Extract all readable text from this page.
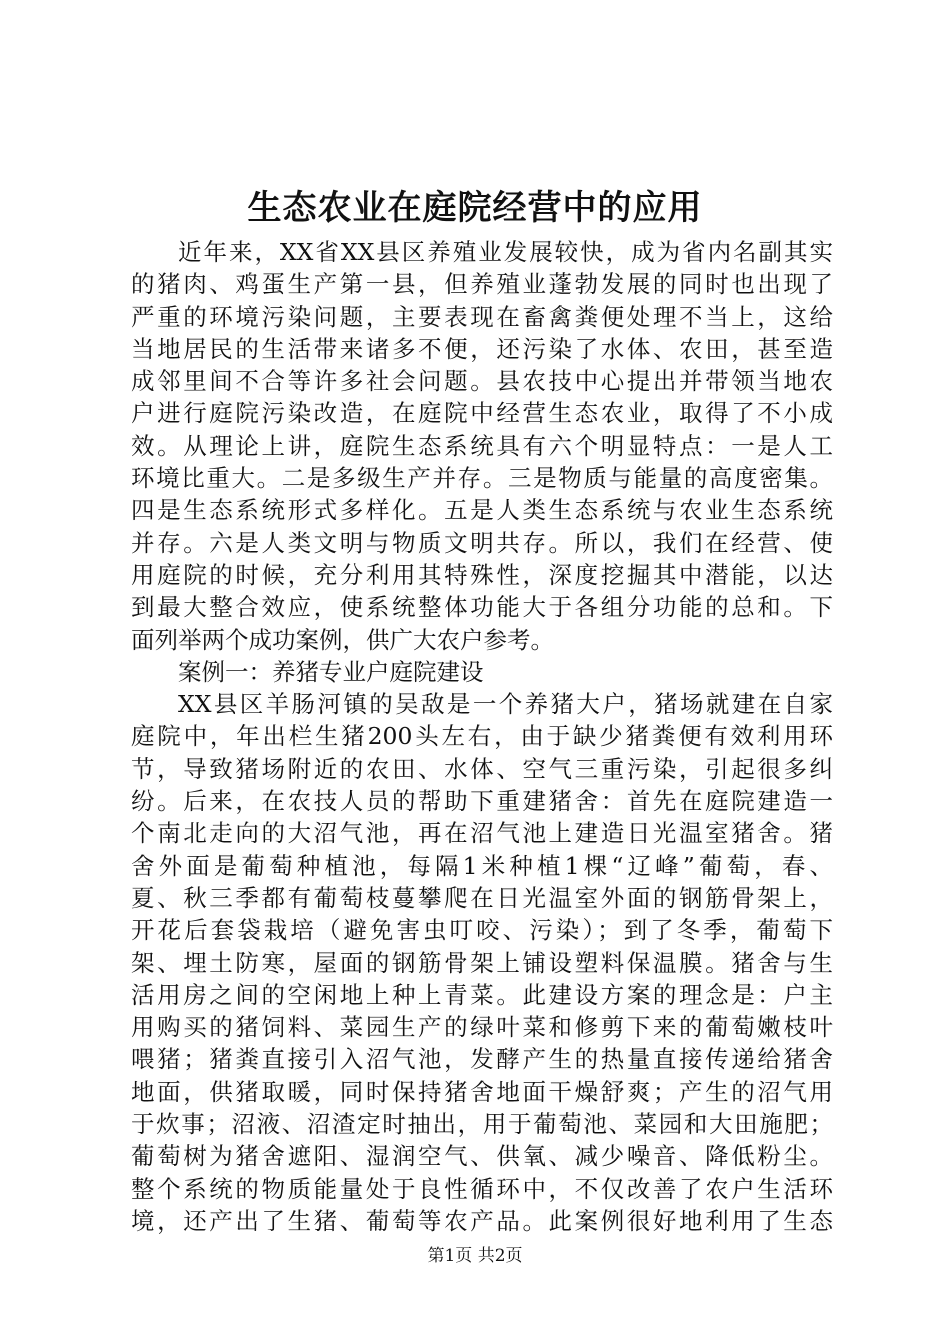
生态农业在庭院经营中的应用
近年来，XX省XX县区养殖业发展较快，成为省内名副其实
的猪肉、鸡蛋生产第一县，但养殖业蓬勃发展的同时也出现了
严重的环境污染问题，主要表现在畜禽粪便处理不当上，这给
当地居民的生活带来诸多不便，还污染了水体、农田，甚至造
成邻里间不合等许多社会问题。县农技中心提出并带领当地农
户进行庭院污染改造，在庭院中经营生态农业，取得了不小成
效。从理论上讲，庭院生态系统具有六个明显特点：一是人工
环境比重大。二是多级生产并存。三是物质与能量的高度密集。
四是生态系统形式多样化。五是人类生态系统与农业生态系统
并存。六是人类文明与物质文明共存。所以，我们在经营、使
用庭院的时候，充分利用其特殊性，深度挖掘其中潜能，以达
到最大整合效应，使系统整体功能大于各组分功能的总和。下
面列举两个成功案例，供广大农户参考。
案例一：养猪专业户庭院建设
XX县区羊肠河镇的吴敌是一个养猪大户，猪场就建在自家
庭院中，年出栏生猪200头左右，由于缺少猪粪便有效利用环
节，导致猪场附近的农田、水体、空气三重污染，引起很多纠
纷。后来，在农技人员的帮助下重建猪舍：首先在庭院建造一
个南北走向的大沼气池，再在沼气池上建造日光温室猪舍。猪
舍外面是葡萄种植池，每隔1米种植1棵“辽峰”葡萄，春、
夏、秋三季都有葡萄枝蔓攀爬在日光温室外面的钢筋骨架上，
开花后套袋栽培（避免害虫叮咬、污染）；到了冬季，葡萄下
架、埋土防寒，屋面的钢筋骨架上铺设塑料保温膜。猪舍与生
活用房之间的空闲地上种上青菜。此建设方案的理念是：户主
用购买的猪饲料、菜园生产的绿叶菜和修剪下来的葡萄嫩枝叶
喂猪；猪粪直接引入沼气池，发酵产生的热量直接传递给猪舍
地面，供猪取暖，同时保持猪舍地面干燥舒爽；产生的沼气用
于炊事；沼液、沼渣定时抽出，用于葡萄池、菜园和大田施肥；
葡萄树为猪舍遮阳、湿润空气、供氧、减少噪音、降低粉尘。
整个系统的物质能量处于良性循环中，不仅改善了农户生活环
境，还产出了生猪、葡萄等农产品。此案例很好地利用了生态
第1页 共2页
